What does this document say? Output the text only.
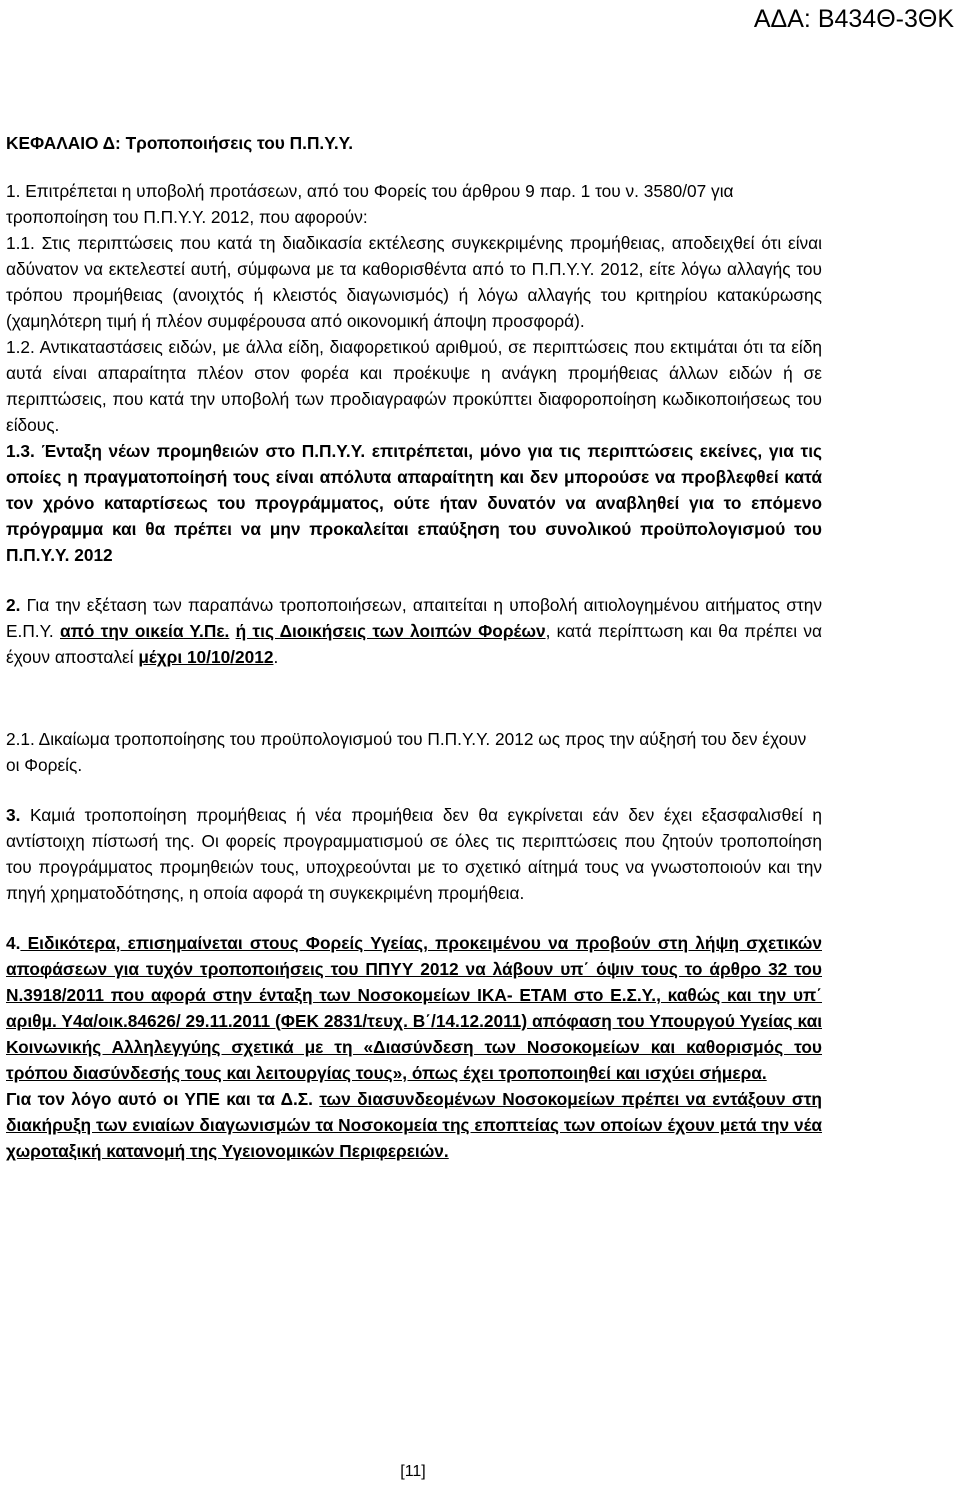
ΑΔΑ: Β434Θ-3ΘΚ

ΚΕΦΑΛΑΙΟ Δ: Τροποποιήσεις του Π.Π.Υ.Υ.

1. Επιτρέπεται η υποβολή προτάσεων, από του Φορείς του άρθρου 9 παρ. 1 του ν. 3580/07 για τροποποίηση του Π.Π.Υ.Υ. 2012, που αφορούν:

1.1. Στις περιπτώσεις που κατά τη διαδικασία εκτέλεσης συγκεκριμένης προμήθειας, αποδειχθεί ότι είναι αδύνατον να εκτελεστεί αυτή, σύμφωνα με τα καθορισθέντα από το Π.Π.Υ.Υ. 2012, είτε λόγω αλλαγής του τρόπου προμήθειας (ανοιχτός ή κλειστός διαγωνισμός) ή λόγω αλλαγής του κριτηρίου κατακύρωσης (χαμηλότερη τιμή ή πλέον συμφέρουσα από οικονομική άποψη προσφορά).

1.2. Αντικαταστάσεις ειδών, με άλλα είδη, διαφορετικού αριθμού, σε περιπτώσεις που εκτιμάται ότι τα είδη αυτά είναι απαραίτητα πλέον στον φορέα και προέκυψε η ανάγκη προμήθειας άλλων ειδών ή σε περιπτώσεις, που κατά την υποβολή των προδιαγραφών προκύπτει διαφοροποίηση κωδικοποιήσεως του είδους.

1.3. Ένταξη νέων προμηθειών στο Π.Π.Υ.Υ. επιτρέπεται, μόνο για τις περιπτώσεις εκείνες, για τις οποίες η πραγματοποίησή τους είναι απόλυτα απαραίτητη και δεν μπορούσε να προβλεφθεί κατά τον χρόνο καταρτίσεως του προγράμματος, ούτε ήταν δυνατόν να αναβληθεί για το επόμενο πρόγραμμα και θα πρέπει να μην προκαλείται επαύξηση του συνολικού προϋπολογισμού του Π.Π.Υ.Υ. 2012

2. Για την εξέταση των παραπάνω τροποποιήσεων, απαιτείται η υποβολή αιτιολογημένου αιτήματος στην Ε.Π.Υ. από την οικεία Υ.Πε. ή τις Διοικήσεις των λοιπών Φορέων, κατά περίπτωση και θα πρέπει να έχουν αποσταλεί μέχρι 10/10/2012.

2.1. Δικαίωμα τροποποίησης του προϋπολογισμού του Π.Π.Υ.Υ. 2012 ως προς την αύξησή του δεν έχουν οι Φορείς.

3. Καμιά τροποποίηση προμήθειας ή νέα προμήθεια δεν θα εγκρίνεται εάν δεν έχει εξασφαλισθεί η αντίστοιχη πίστωσή της. Οι φορείς προγραμματισμού σε όλες τις περιπτώσεις που ζητούν τροποποίηση του προγράμματος προμηθειών τους, υποχρεούνται με το σχετικό αίτημά τους να γνωστοποιούν και την πηγή χρηματοδότησης, η οποία αφορά τη συγκεκριμένη προμήθεια.

4. Ειδικότερα, επισημαίνεται στους Φορείς Υγείας, προκειμένου να προβούν στη λήψη σχετικών αποφάσεων για τυχόν τροποποιήσεις του ΠΠΥΥ 2012 να λάβουν υπ΄ όψιν τους το άρθρο 32 του Ν.3918/2011 που αφορά στην ένταξη των Νοσοκομείων ΙΚΑ- ΕΤΑΜ στο Ε.Σ.Υ., καθώς και την υπ΄ αριθμ. Υ4α/οικ.84626/ 29.11.2011 (ΦΕΚ 2831/τευχ. Β΄/14.12.2011) απόφαση του Υπουργού Υγείας και Κοινωνικής Αλληλεγγύης σχετικά με τη «Διασύνδεση των Νοσοκομείων και καθορισμός του τρόπου διασύνδεσής τους και λειτουργίας τους», όπως έχει τροποποιηθεί και ισχύει σήμερα.

Για τον λόγο αυτό οι ΥΠΕ και τα Δ.Σ. των διασυνδεομένων Νοσοκομείων πρέπει να εντάξουν στη διακήρυξη των ενιαίων διαγωνισμών τα Νοσοκομεία της εποπτείας των οποίων έχουν μετά την νέα χωροταξική κατανομή της Υγειονομικών Περιφερειών.

[11]
